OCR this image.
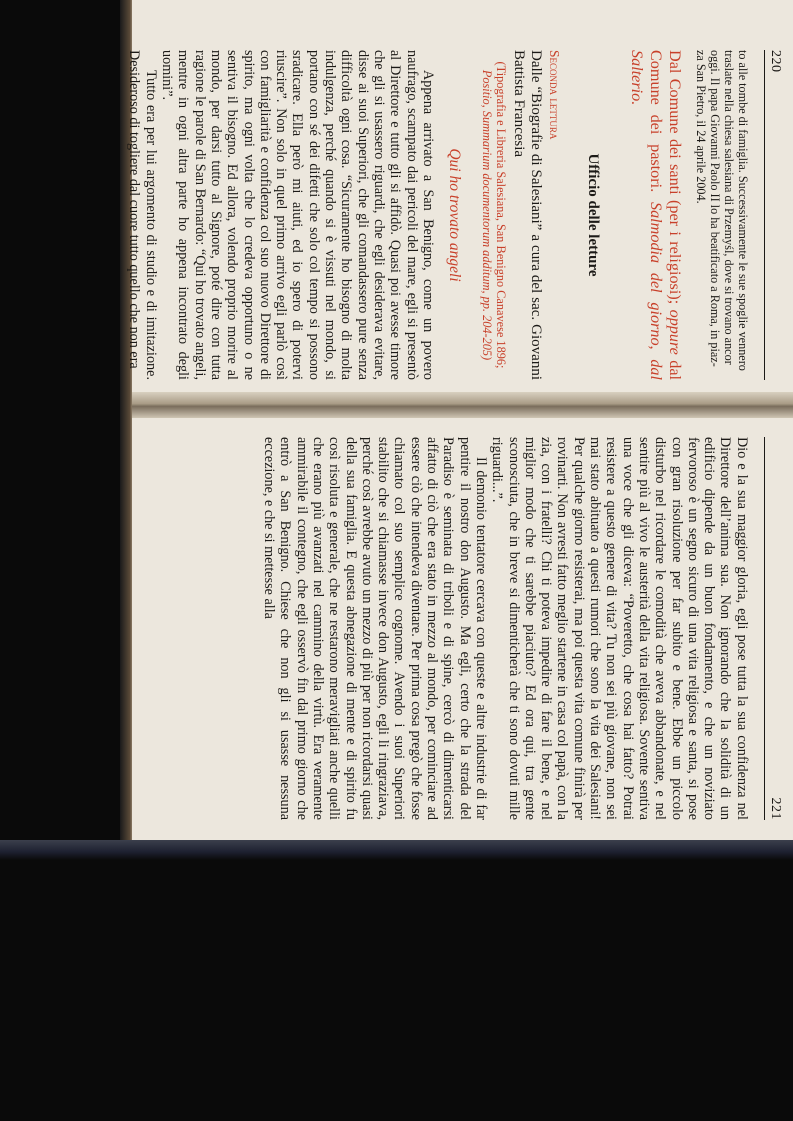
220

to alle tombe di famiglia. Successivamente le sue spoglie vennero

traslate nella chiesa salesiana di Przemyśl, dove si trovano ancor

oggi. Il papa Giovanni Paolo II lo ha beatificato a Roma, in piaz-

za San Pietro, il 24 aprile 2004.

Dal Comune dei santi (per i religiosi); oppure dal Comune dei pastori. Salmodia del giorno, dal Salterio.

Ufficio delle letture
Seconda lettura

Dalle “Biografie di Salesiani” a cura del sac. Giovanni Battista Francesia

(Tipografia e Libreria Salesiana, San Benigno Canavese 1896;
Positio, Summarium documentorum additum, pp. 204-205)
Qui ho trovato angeli

Appena arrivato a San Benigno, come un povero naufrago, scampato dai pericoli del mare, egli si presentò al Direttore e tutto gli si affidò. Quasi poi avesse timore che gli si usassero riguardi, che egli desiderava evitare, disse ai suoi Superiori, che gli comandassero pure senza difficoltà ogni cosa. “Sicuramente ho bisogno di molta indulgenza, perché quando si è vissuti nel mondo, si portano con sé dei difetti che solo col tempo si possono sradicare. Ella però mi aiuti, ed io spero di potervi riuscire”. Non solo in quel primo arrivo egli parlò così con famigliarità e confidenza col suo nuovo Direttore di spirito, ma ogni volta che lo credeva opportuno o ne sentiva il bisogno. Ed allora, volendo proprio morire al mondo, per darsi tutto al Signore, poté dire con tutta ragione le parole di San Bernardo: “Qui ho trovato angeli, mentre in ogni altra parte ho appena incontrato degli uomini”.

Tutto era per lui argomento di studio e di imitazione. Desideroso di togliere dal cuore tutto quello che non era

221

Dio e la sua maggior gloria, egli pose tutta la sua confidenza nel Direttore dell’anima sua. Non ignorando che la solidità di un edificio dipende da un buon fondamento, e che un noviziato fervoroso è un segno sicuro di una vita religiosa e santa, si pose con gran risoluzione per far subito e bene. Ebbe un piccolo disturbo nel ricordare le comodità che aveva abbandonate, e nel sentire più al vivo le austerità della vita religiosa. Sovente sentiva una voce che gli diceva: “Poveretto, che cosa hai fatto? Potrai resistere a questo genere di vita? Tu non sei più giovane, non sei mai stato abituato a questi rumori che sono la vita dei Salesiani! Per qualche giorno resisterai, ma poi questa vita comune finirà per rovinarti. Non avresti fatto meglio startene in casa col papà, con la zia, con i fratelli? Chi ti poteva impedire di fare il bene, e nel miglior modo che ti sarebbe piaciuto? Ed ora qui, tra gente sconosciuta, che in breve si dimenticherà che ti sono dovuti mille riguardi...”.

Il demonio tentatore cercava con queste e altre industrie di far pentire il nostro don Augusto. Ma egli, certo che la strada del Paradiso è seminata di triboli e di spine, cercò di dimenticarsi affatto di ciò che era stato in mezzo al mondo, per cominciare ad essere ciò che intendeva diventare. Per prima cosa pregò che fosse chiamato col suo semplice cognome. Avendo i suoi Superiori stabilito che si chiamasse invece don Augusto, egli li ringraziava, perché così avrebbe avuto un mezzo di più per non ricordarsi quasi della sua famiglia. E questa abnegazione di mente e di spirito fu così risoluta e generale, che ne restarono meravigliati anche quelli che erano più avanzati nel cammino della virtù. Era veramente ammirabile il contegno, che egli osservò fin dal primo giorno che entrò a San Benigno. Chiese che non gli si usasse nessuna eccezione, e che si mettesse alla
